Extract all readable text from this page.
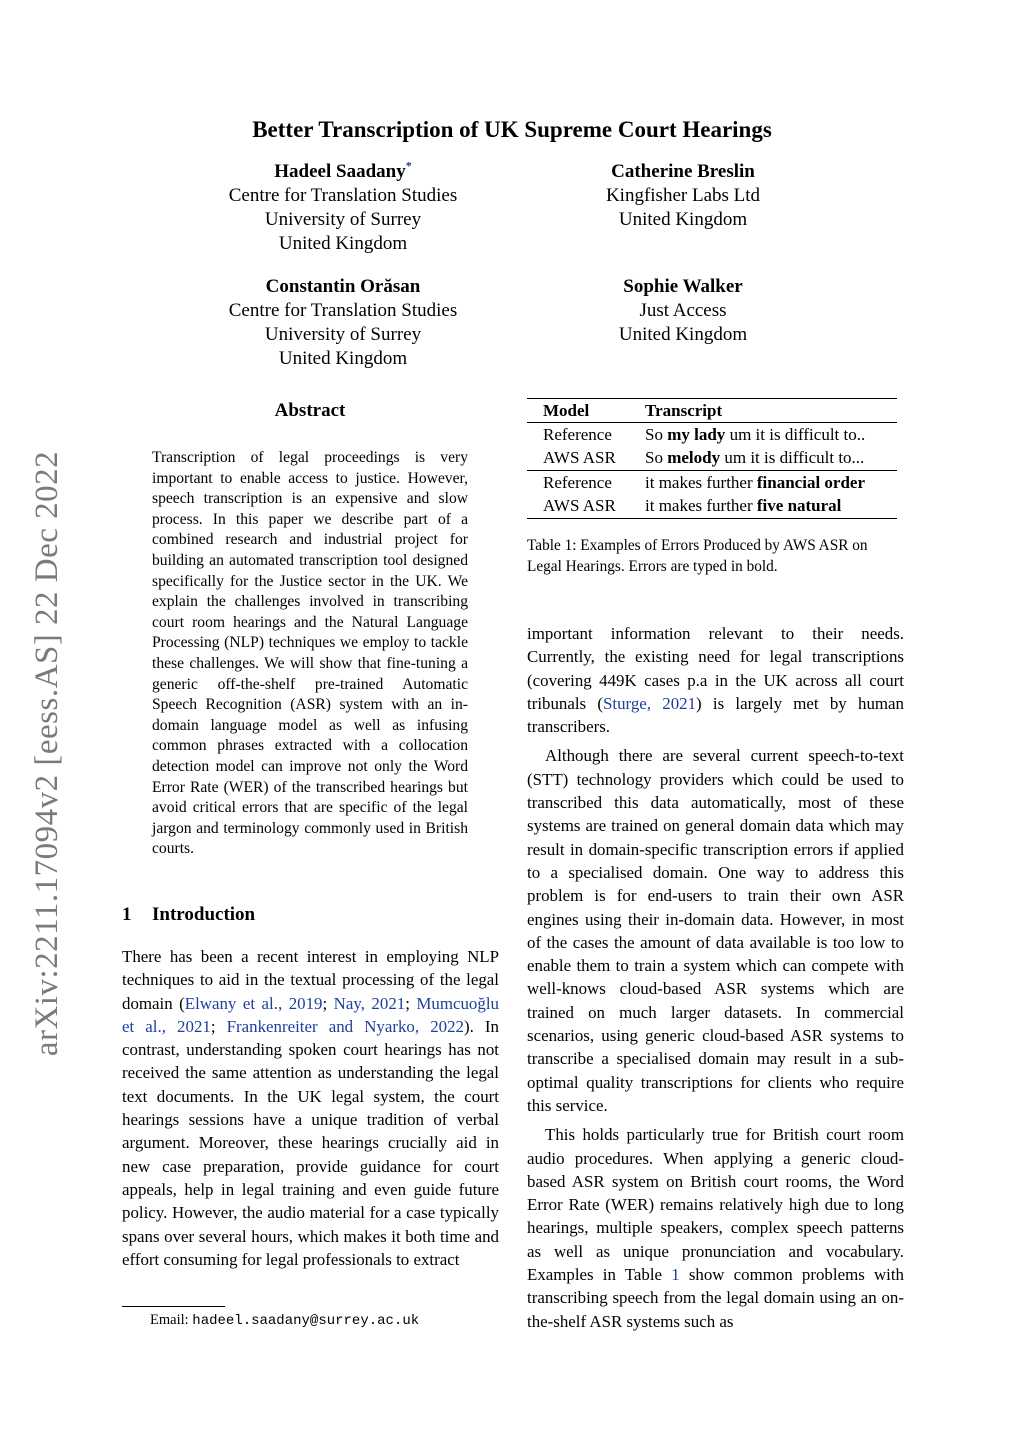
arXiv:2211.17094v2 [eess.AS] 22 Dec 2022
Better Transcription of UK Supreme Court Hearings
Hadeel Saadany*
Centre for Translation Studies
University of Surrey
United Kingdom
Catherine Breslin
Kingfisher Labs Ltd
United Kingdom
Constantin Orăsan
Centre for Translation Studies
University of Surrey
United Kingdom
Sophie Walker
Just Access
United Kingdom
Abstract

Transcription of legal proceedings is very important to enable access to justice. However, speech transcription is an expensive and slow process. In this paper we describe part of a combined research and industrial project for building an automated transcription tool designed specifically for the Justice sector in the UK. We explain the challenges involved in transcribing court room hearings and the Natural Language Processing (NLP) techniques we employ to tackle these challenges. We will show that fine-tuning a generic off-the-shelf pre-trained Automatic Speech Recognition (ASR) system with an in-domain language model as well as infusing common phrases extracted with a collocation detection model can improve not only the Word Error Rate (WER) of the transcribed hearings but avoid critical errors that are specific of the legal jargon and terminology commonly used in British courts.

1 Introduction

There has been a recent interest in employing NLP techniques to aid in the textual processing of the legal domain (Elwany et al., 2019; Nay, 2021; Mumcuoğlu et al., 2021; Frankenreiter and Nyarko, 2022). In contrast, understanding spoken court hearings has not received the same attention as understanding the legal text documents. In the UK legal system, the court hearings sessions have a unique tradition of verbal argument. Moreover, these hearings crucially aid in new case preparation, provide guidance for court appeals, help in legal training and even guide future policy. However, the audio material for a case typically spans over several hours, which makes it both time and effort consuming for legal professionals to extract

Model	Transcript
Reference	So my lady um it is difficult to..
AWS ASR	So melody um it is difficult to...
Reference	it makes further financial order
AWS ASR	it makes further five natural

Table 1: Examples of Errors Produced by AWS ASR on Legal Hearings. Errors are typed in bold.

important information relevant to their needs. Currently, the existing need for legal transcriptions (covering 449K cases p.a in the UK across all court tribunals (Sturge, 2021) is largely met by human transcribers.

Although there are several current speech-to-text (STT) technology providers which could be used to transcribed this data automatically, most of these systems are trained on general domain data which may result in domain-specific transcription errors if applied to a specialised domain. One way to address this problem is for end-users to train their own ASR engines using their in-domain data. However, in most of the cases the amount of data available is too low to enable them to train a system which can compete with well-knows cloud-based ASR systems which are trained on much larger datasets. In commercial scenarios, using generic cloud-based ASR systems to transcribe a specialised domain may result in a sub-optimal quality transcriptions for clients who require this service.

This holds particularly true for British court room audio procedures. When applying a generic cloud-based ASR system on British court rooms, the Word Error Rate (WER) remains relatively high due to long hearings, multiple speakers, complex speech patterns as well as unique pronunciation and vocabulary. Examples in Table 1 show common problems with transcribing speech from the legal domain using an on-the-shelf ASR systems such as

Email: hadeel.saadany@surrey.ac.uk
